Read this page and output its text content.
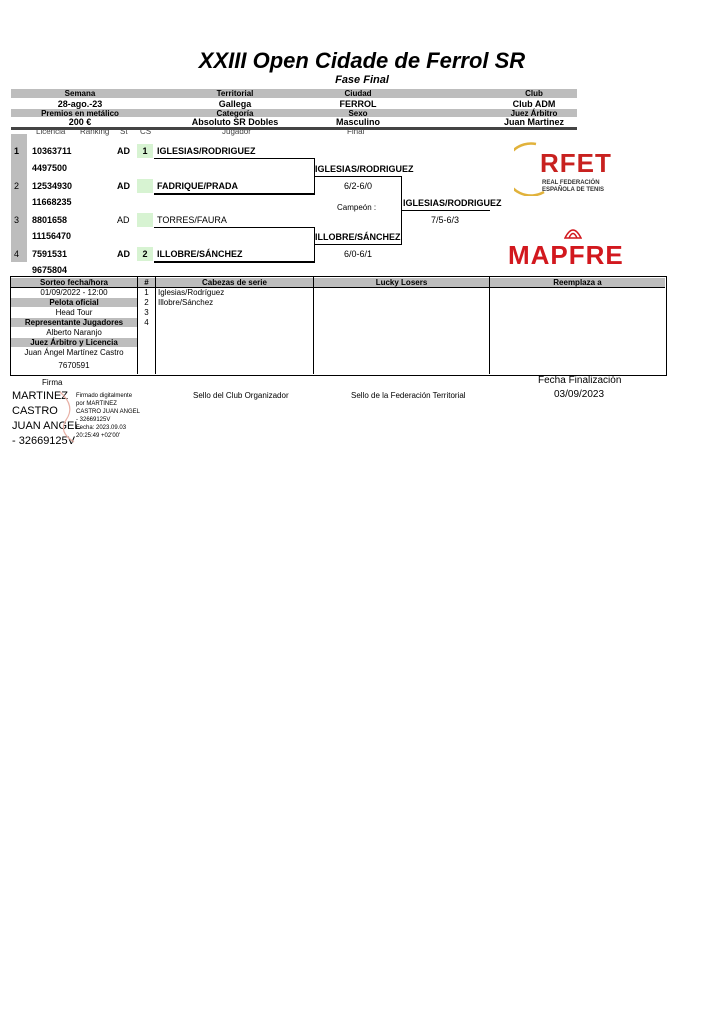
XXIII Open Cidade de Ferrol SR
Fase Final
Semana	Territorial	Ciudad	Club
28-ago.-23	Gallega	FERROL	Club ADM
Premios en metálico	Categoría	Sexo	Juez Árbitro
200 €	Absoluto SR Dobles	Masculino	Juan Martinez
Licencia Ranking St CS	Jugador	Final
1 10363711	AD	1	IGLESIAS/RODRIGUEZ
4497500
2 12534930	AD	FADRIQUE/PRADA
11668235
3 8801658	AD	TORRES/FAURA
11156470
4 7591531	AD	2	ILLOBRE/SÁNCHEZ
9675804
IGLESIAS/RODRIGUEZ
6/2-6/0
ILLOBRE/SÁNCHEZ
6/0-6/1
Campeón :	IGLESIAS/RODRIGUEZ
7/5-6/3
RFET
REAL FEDERACIÓN
ESPAÑOLA DE TENIS
MAPFRE
Sorteo fecha/hora
01/09/2022 - 12:00
Pelota oficial
Head Tour
Representante Jugadores
Alberto Naranjo
Juez Árbitro y Licencia
Juan Ángel Martínez Castro
7670591
#	Cabezas de serie	Lucky Losers	Reemplaza a
1	Iglesias/Rodríguez
2	Illobre/Sánchez
3
4
Firma
Sello del Club Organizador	Sello de la Federación Territorial
Fecha Finalización
03/09/2023
MARTINEZ
CASTRO
JUAN ANGEL
- 32669125V
Firmado digitalmente
por MARTINEZ
CASTRO JUAN ANGEL
- 32669125V
Fecha: 2023.09.03
20:25:49 +02'00'
